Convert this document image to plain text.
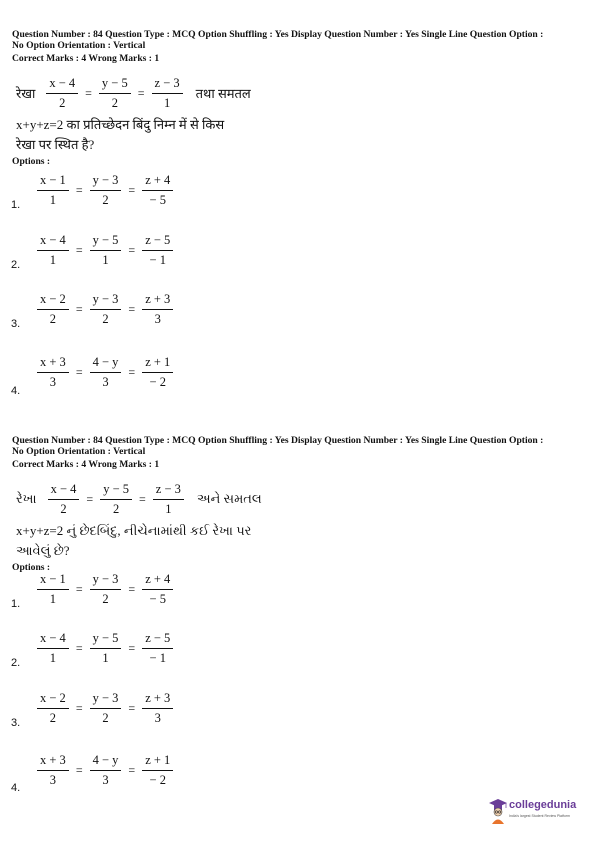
Question Number : 84 Question Type : MCQ Option Shuffling : Yes Display Question Number : Yes Single Line Question Option :
No Option Orientation : Vertical
Correct Marks : 4 Wrong Marks : 1
रेखा $\frac{x - 4}{2} = \frac{y - 5}{2} = \frac{z - 3}{1}$ तथा समतल
x+y+z=2 का प्रतिच्छेदन बिंदु निम्न में से किस
रेखा पर स्थित है?
Options :
1. $\frac{x - 1}{1} = \frac{y - 3}{2} = \frac{z + 4}{- 5}$
2. $\frac{x - 4}{1} = \frac{y - 5}{1} = \frac{z - 5}{- 1}$
3. $\frac{x - 2}{2} = \frac{y - 3}{2} = \frac{z + 3}{3}$
4.
$\frac{x + 3}{3} = \frac{4 - y}{3} = \frac{z + 1}{- 2}$
Question Number : 84 Question Type : MCQ Option Shuffling : Yes Display Question Number : Yes Single Line Question Option :
No Option Orientation : Vertical
Correct Marks : 4 Wrong Marks : 1
રેખા $\frac{x - 4}{2} = \frac{y - 5}{2} = \frac{z - 3}{1}$ અને સમતલ
x+y+z=2 નું છેદબિંદુ, નીચેનામાંથી કઈ રેખા પર
આવેલું છે?
Options :
1. $\frac{x - 1}{1} = \frac{y - 3}{2} = \frac{z + 4}{- 5}$
2. $\frac{x - 4}{1} = \frac{y - 5}{1} = \frac{z - 5}{- 1}$
3. $\frac{x - 2}{2} = \frac{y - 3}{2} = \frac{z + 3}{3}$
4.
$\frac{x + 3}{3} = \frac{4 - y}{3} = \frac{z + 1}{- 2}$
collegedunia
India's largest Student Review Platform
